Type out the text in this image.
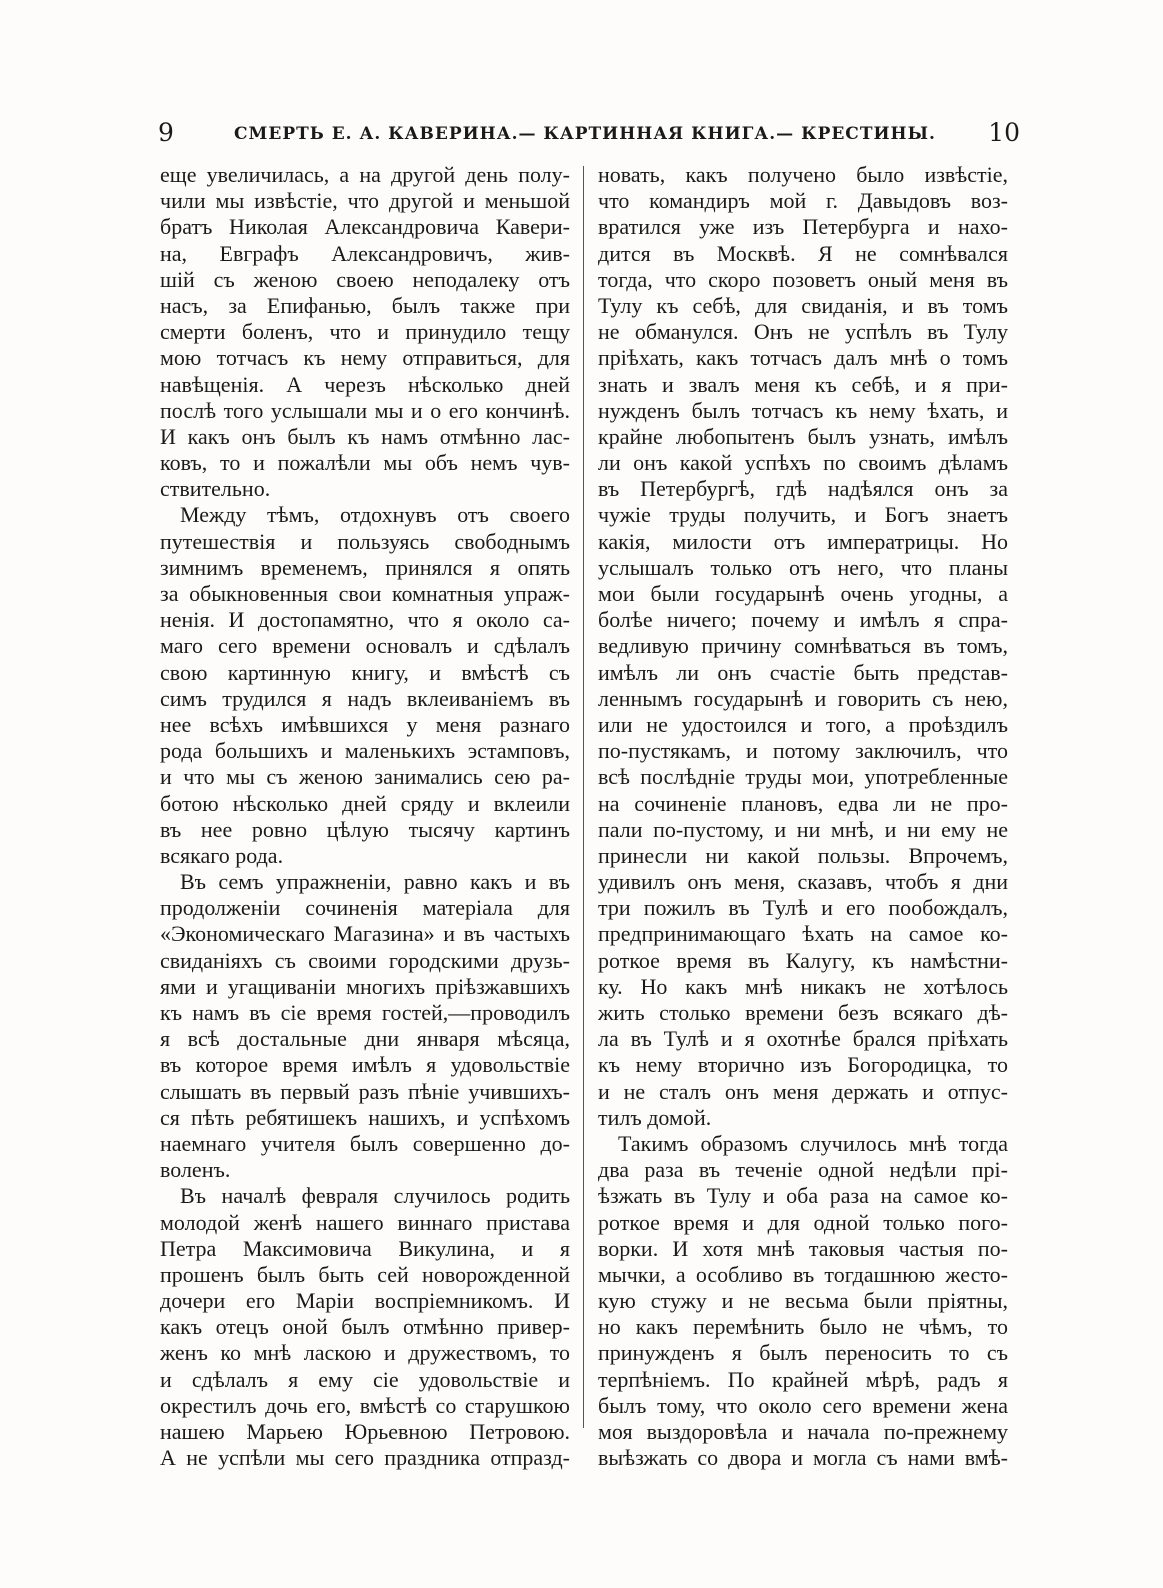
9	СМЕРТЬ Е. А. КАВЕРИНА.— КАРТИННАЯ КНИГА.— КРЕСТИНЫ.	10
еще увеличилась, а на другой день полу-
чили мы извѣстіе, что другой и меньшой
братъ Николая Александровича Кавери-
на, Евграфъ Александровичъ, жив-
шій съ женою своею неподалеку отъ
насъ, за Епифанью, былъ также при
смерти боленъ, что и принудило тещу
мою тотчасъ къ нему отправиться, для
навѣщенія. А черезъ нѣсколько дней
послѣ того услышали мы и о его кончинѣ.
И какъ онъ былъ къ намъ отмѣнно лас-
ковъ, то и пожалѣли мы объ немъ чув-
ствительно.
Между тѣмъ, отдохнувъ отъ своего
путешествія и пользуясь свободнымъ
зимнимъ временемъ, принялся я опять
за обыкновенныя свои комнатныя упраж-
ненія. И достопамятно, что я около са-
маго сего времени основалъ и сдѣлалъ
свою картинную книгу, и вмѣстѣ съ
симъ трудился я надъ вклеиваніемъ въ
нее всѣхъ имѣвшихся у меня разнаго
рода большихъ и маленькихъ эстамповъ,
и что мы съ женою занимались сею ра-
ботою нѣсколько дней сряду и вклеили
въ нее ровно цѣлую тысячу картинъ
всякаго рода.
Въ семъ упражненіи, равно какъ и въ
продолженіи сочиненія матеріала для
«Экономическаго Магазина» и въ частыхъ
свиданіяхъ съ своими городскими друзь-
ями и угащиваніи многихъ пріѣзжавшихъ
къ намъ въ сіе время гостей,—проводилъ
я всѣ достальные дни января мѣсяца,
въ которое время имѣлъ я удовольствіе
слышать въ первый разъ пѣніе учившихъ-
ся пѣть ребятишекъ нашихъ, и успѣхомъ
наемнаго учителя былъ совершенно до-
воленъ.
Въ началѣ февраля случилось родить
молодой женѣ нашего виннаго пристава
Петра Максимовича Викулина, и я
прошенъ былъ быть сей новорожденной
дочери его Маріи воспріемникомъ. И
какъ отецъ оной былъ отмѣнно привер-
женъ ко мнѣ ласкою и дружествомъ, то
и сдѣлалъ я ему сіе удовольствіе и
окрестилъ дочь его, вмѣстѣ со старушкою
нашею Марьею Юрьевною Петровою.
А не успѣли мы сего праздника отпразд-
новать, какъ получено было извѣстіе,
что командиръ мой г. Давыдовъ воз-
вратился уже изъ Петербурга и нахо-
дится въ Москвѣ. Я не сомнѣвался
тогда, что скоро позоветъ оный меня въ
Тулу къ себѣ, для свиданія, и въ томъ
не обманулся. Онъ не успѣлъ въ Тулу
пріѣхать, какъ тотчасъ далъ мнѣ о томъ
знать и звалъ меня къ себѣ, и я при-
нужденъ былъ тотчасъ къ нему ѣхать, и
крайне любопытенъ былъ узнать, имѣлъ
ли онъ какой успѣхъ по своимъ дѣламъ
въ Петербургѣ, гдѣ надѣялся онъ за
чужіе труды получить, и Богъ знаетъ
какія, милости отъ императрицы. Но
услышалъ только отъ него, что планы
мои были государынѣ очень угодны, а
болѣе ничего; почему и имѣлъ я спра-
ведливую причину сомнѣваться въ томъ,
имѣлъ ли онъ счастіе быть представ-
леннымъ государынѣ и говорить съ нею,
или не удостоился и того, а проѣздилъ
по-пустякамъ, и потому заключилъ, что
всѣ послѣдніе труды мои, употребленные
на сочиненіе плановъ, едва ли не про-
пали по-пустому, и ни мнѣ, и ни ему не
принесли ни какой пользы. Впрочемъ,
удивилъ онъ меня, сказавъ, чтобъ я дни
три пожилъ въ Тулѣ и его пообождалъ,
предпринимающаго ѣхать на самое ко-
роткое время въ Калугу, къ намѣстни-
ку. Но какъ мнѣ никакъ не хотѣлось
жить столько времени безъ всякаго дѣ-
ла въ Тулѣ и я охотнѣе брался пріѣхать
къ нему вторично изъ Богородицка, то
и не сталъ онъ меня держать и отпус-
тилъ домой.
Такимъ образомъ случилось мнѣ тогда
два раза въ теченіе одной недѣли прі-
ѣзжать въ Тулу и оба раза на самое ко-
роткое время и для одной только пого-
ворки. И хотя мнѣ таковыя частыя по-
мычки, а особливо въ тогдашнюю жесто-
кую стужу и не весьма были пріятны,
но какъ перемѣнить было не чѣмъ, то
принужденъ я былъ переносить то съ
терпѣніемъ. По крайней мѣрѣ, радъ я
былъ тому, что около сего времени жена
моя выздоровѣла и начала по-прежнему
выѣзжать со двора и могла съ нами вмѣ-
